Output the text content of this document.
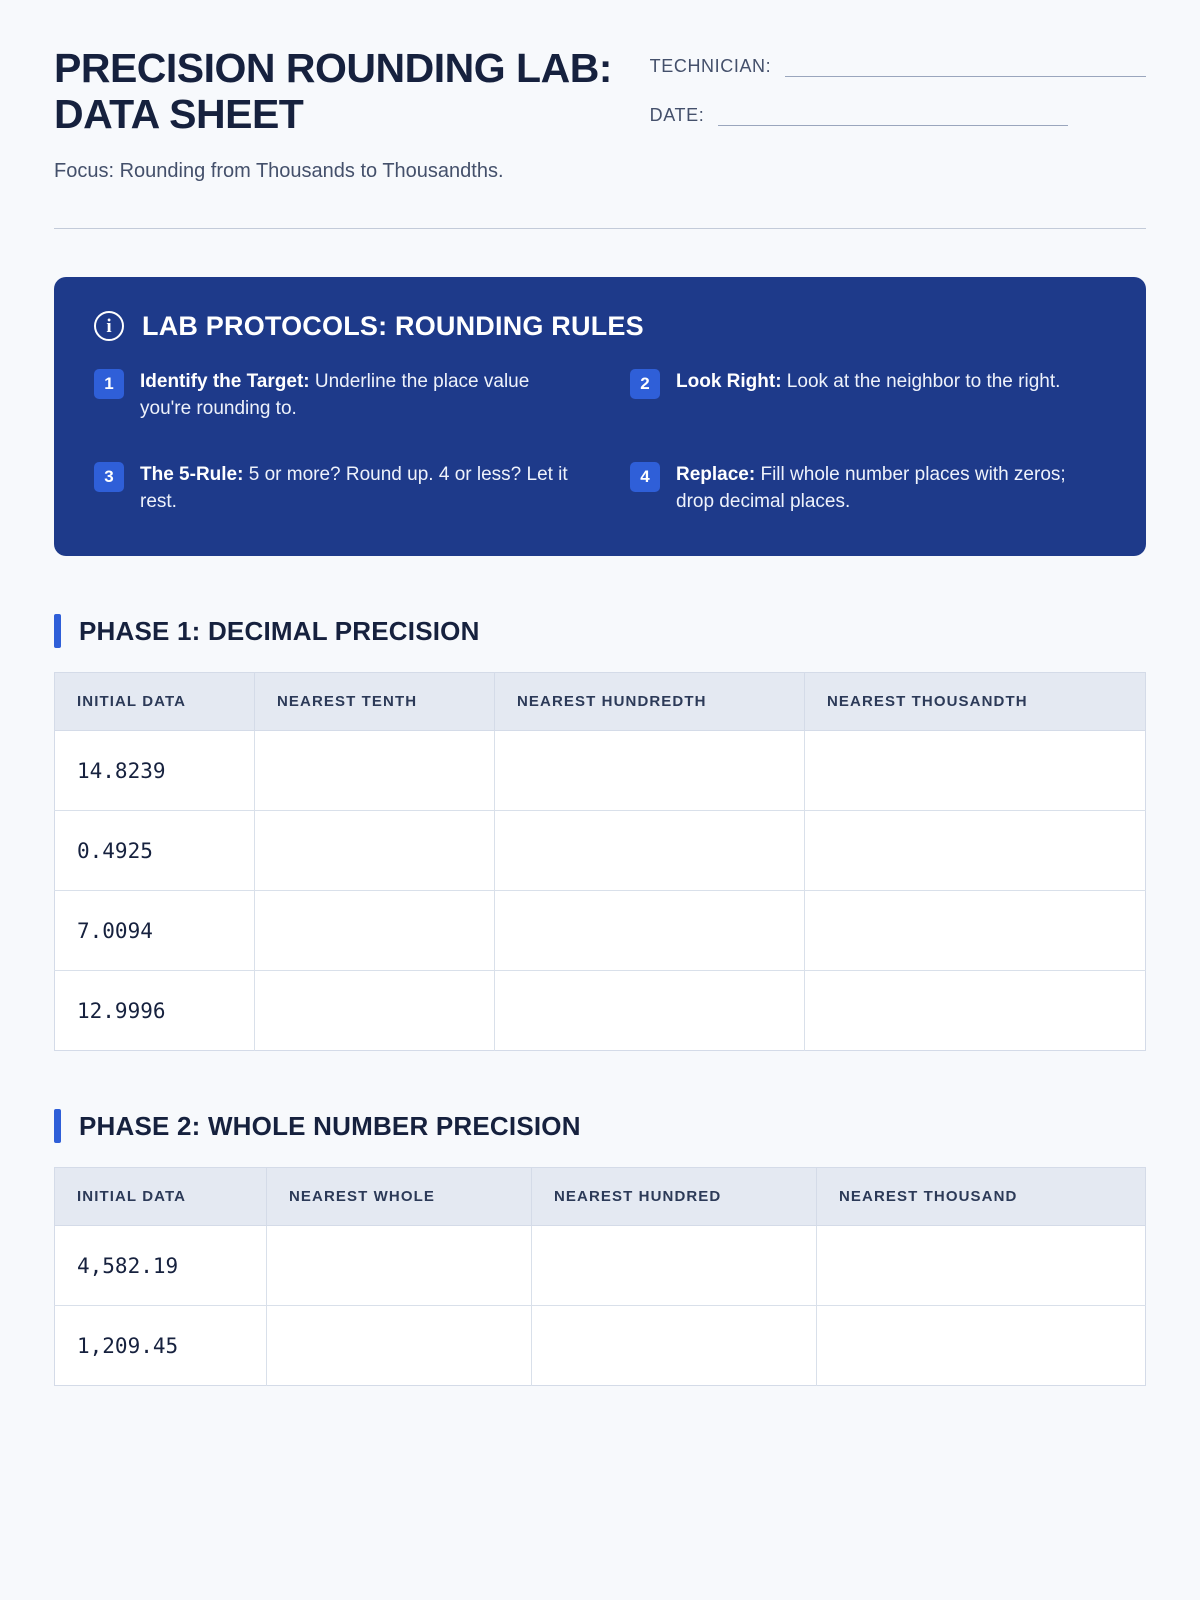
PRECISION ROUNDING LAB: DATA SHEET
Focus: Rounding from Thousands to Thousandths.
TECHNICIAN:
DATE:
i	LAB PROTOCOLS: ROUNDING RULES
1	Identify the Target: Underline the place value you're rounding to.
2	Look Right: Look at the neighbor to the right.
3	The 5-Rule: 5 or more? Round up. 4 or less? Let it rest.
4	Replace: Fill whole number places with zeros; drop decimal places.
PHASE 1: DECIMAL PRECISION
INITIAL DATA	NEAREST TENTH	NEAREST HUNDREDTH	NEAREST THOUSANDTH
14.8239			
0.4925			
7.0094			
12.9996			
PHASE 2: WHOLE NUMBER PRECISION
INITIAL DATA	NEAREST WHOLE	NEAREST HUNDRED	NEAREST THOUSAND
4,582.19			
1,209.45			
